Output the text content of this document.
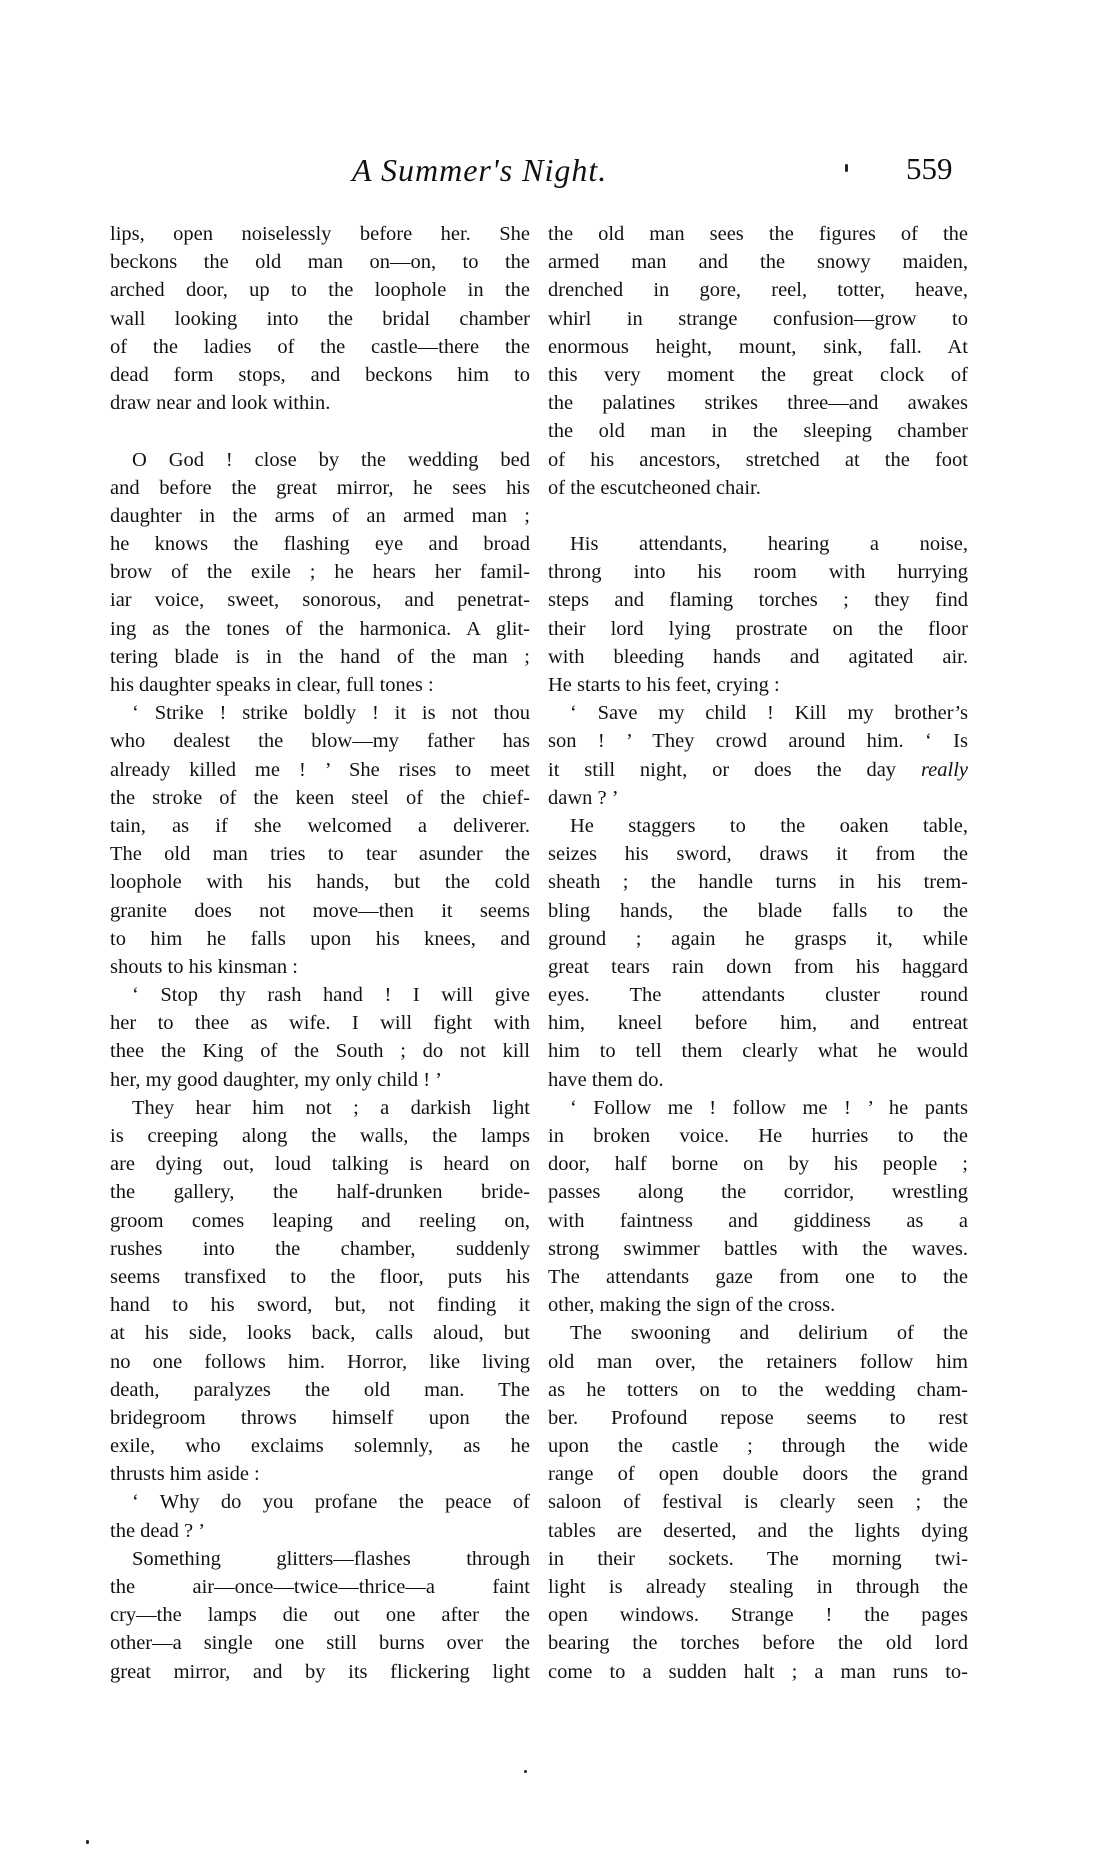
A Summer's Night.	559
lips, open noiselessly before her. She
beckons the old man on—on, to the
arched door, up to the loophole in the
wall looking into the bridal chamber
of the ladies of the castle—there the
dead form stops, and beckons him to
draw near and look within.
O God ! close by the wedding bed
and before the great mirror, he sees his
daughter in the arms of an armed man ;
he knows the flashing eye and broad
brow of the exile ; he hears her famil-
iar voice, sweet, sonorous, and penetrat-
ing as the tones of the harmonica. A glit-
tering blade is in the hand of the man ;
his daughter speaks in clear, full tones :
‘ Strike ! strike boldly ! it is not thou
who dealest the blow—my father has
already killed me ! ’ She rises to meet
the stroke of the keen steel of the chief-
tain, as if she welcomed a deliverer.
The old man tries to tear asunder the
loophole with his hands, but the cold
granite does not move—then it seems
to him he falls upon his knees, and
shouts to his kinsman :
‘ Stop thy rash hand ! I will give
her to thee as wife. I will fight with
thee the King of the South ; do not kill
her, my good daughter, my only child ! ’
They hear him not ; a darkish light
is creeping along the walls, the lamps
are dying out, loud talking is heard on
the gallery, the half-drunken bride-
groom comes leaping and reeling on,
rushes into the chamber, suddenly
seems transfixed to the floor, puts his
hand to his sword, but, not finding it
at his side, looks back, calls aloud, but
no one follows him. Horror, like living
death, paralyzes the old man. The
bridegroom throws himself upon the
exile, who exclaims solemnly, as he
thrusts him aside :
‘ Why do you profane the peace of
the dead ? ’
Something glitters—flashes through
the air—once—twice—thrice—a faint
cry—the lamps die out one after the
other—a single one still burns over the
great mirror, and by its flickering light
the old man sees the figures of the
armed man and the snowy maiden,
drenched in gore, reel, totter, heave,
whirl in strange confusion—grow to
enormous height, mount, sink, fall. At
this very moment the great clock of
the palatines strikes three—and awakes
the old man in the sleeping chamber
of his ancestors, stretched at the foot
of the escutcheoned chair.
His attendants, hearing a noise,
throng into his room with hurrying
steps and flaming torches ; they find
their lord lying prostrate on the floor
with bleeding hands and agitated air.
He starts to his feet, crying :
‘ Save my child ! Kill my brother’s
son ! ’ They crowd around him. ‘ Is
it still night, or does the day really
dawn ? ’
He staggers to the oaken table,
seizes his sword, draws it from the
sheath ; the handle turns in his trem-
bling hands, the blade falls to the
ground ; again he grasps it, while
great tears rain down from his haggard
eyes. The attendants cluster round
him, kneel before him, and entreat
him to tell them clearly what he would
have them do.
‘ Follow me ! follow me ! ’ he pants
in broken voice. He hurries to the
door, half borne on by his people ;
passes along the corridor, wrestling
with faintness and giddiness as a
strong swimmer battles with the waves.
The attendants gaze from one to the
other, making the sign of the cross.
The swooning and delirium of the
old man over, the retainers follow him
as he totters on to the wedding cham-
ber. Profound repose seems to rest
upon the castle ; through the wide
range of open double doors the grand
saloon of festival is clearly seen ; the
tables are deserted, and the lights dying
in their sockets. The morning twi-
light is already stealing in through the
open windows. Strange ! the pages
bearing the torches before the old lord
come to a sudden halt ; a man runs to-
